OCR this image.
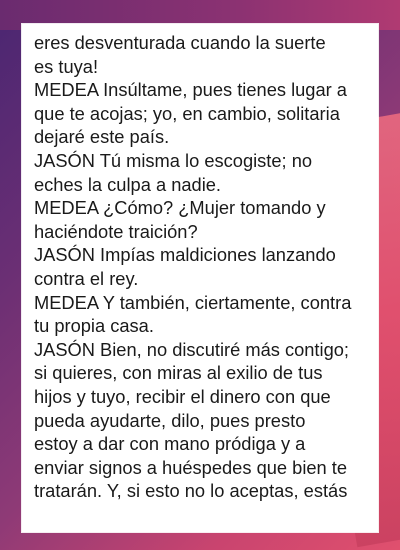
eres desventurada cuando la suerte
es tuya!
MEDEA Insúltame, pues tienes lugar a
que te acojas; yo, en cambio, solitaria
dejaré este país.
JASÓN Tú misma lo escogiste; no
eches la culpa a nadie.
MEDEA ¿Cómo? ¿Mujer tomando y
haciéndote traición?
JASÓN Impías maldiciones lanzando
contra el rey.
MEDEA Y también, ciertamente, contra
tu propia casa.
JASÓN Bien, no discutiré más contigo;
si quieres, con miras al exilio de tus
hijos y tuyo, recibir el dinero con que
pueda ayudarte, dilo, pues presto
estoy a dar con mano pródiga y a
enviar signos a huéspedes que bien te
tratarán. Y, si esto no lo aceptas, estás
